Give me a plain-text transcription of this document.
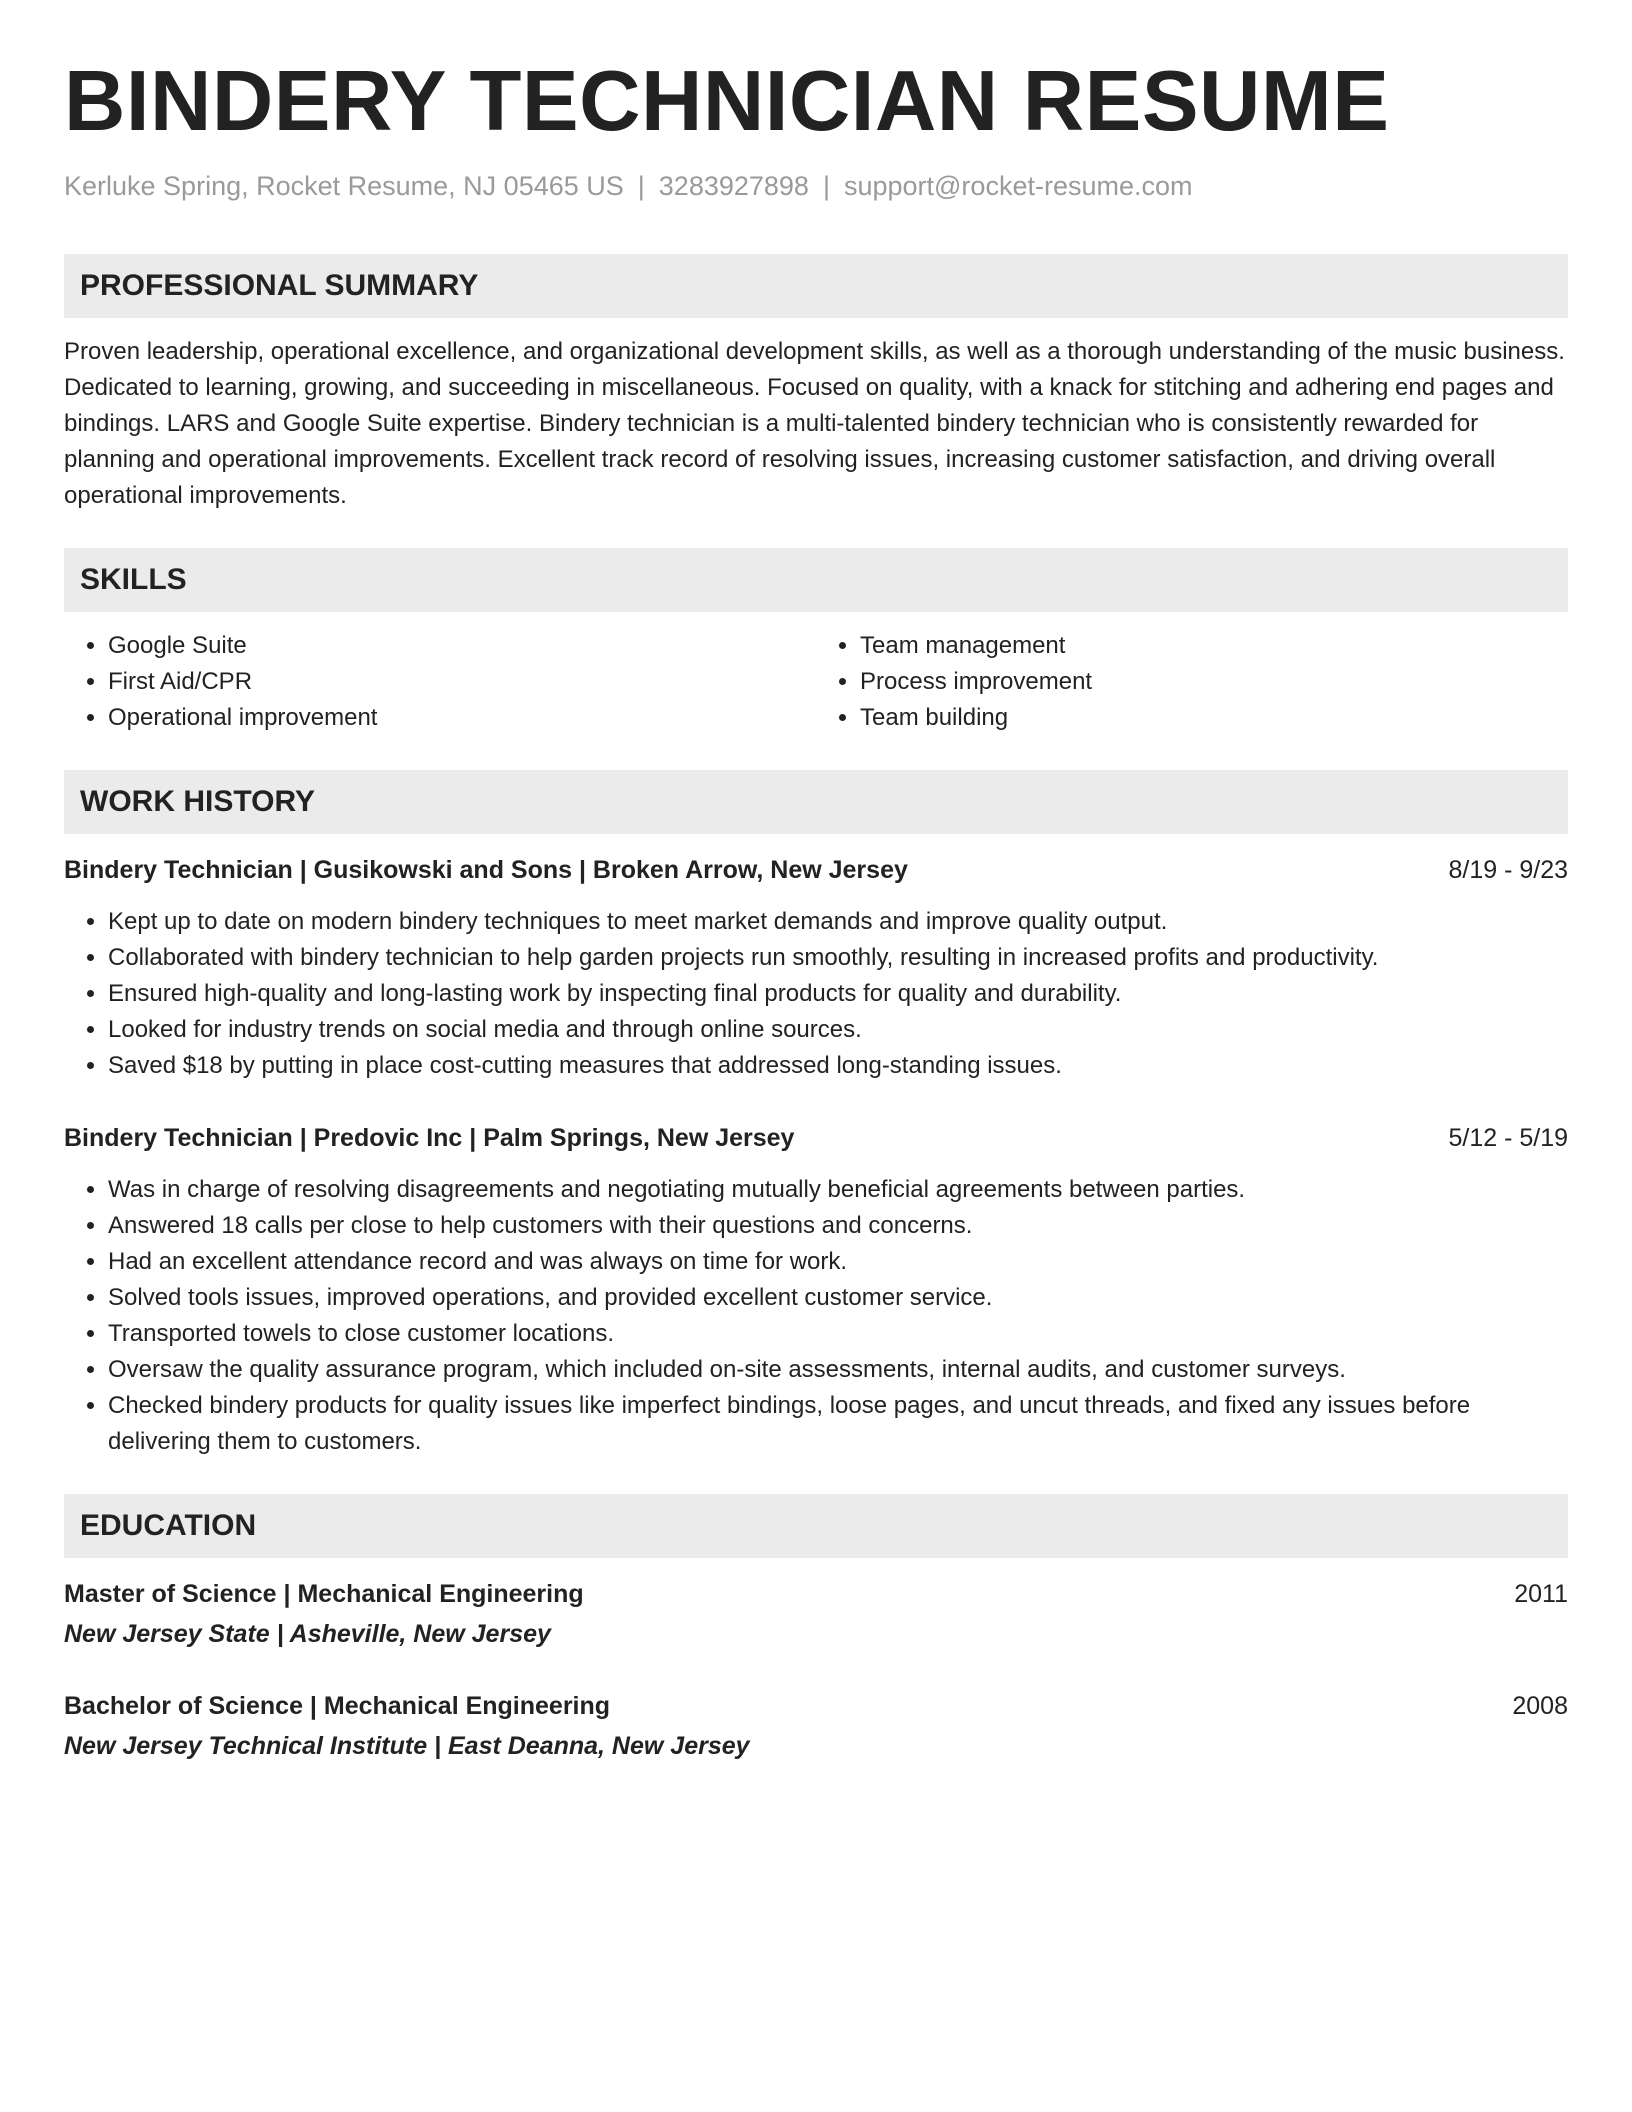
BINDERY TECHNICIAN RESUME
Kerluke Spring, Rocket Resume, NJ 05465 US | 3283927898 | support@rocket-resume.com
PROFESSIONAL SUMMARY

Proven leadership, operational excellence, and organizational development skills, as well as a thorough understanding of the music business. Dedicated to learning, growing, and succeeding in miscellaneous. Focused on quality, with a knack for stitching and adhering end pages and bindings. LARS and Google Suite expertise. Bindery technician is a multi-talented bindery technician who is consistently rewarded for planning and operational improvements. Excellent track record of resolving issues, increasing customer satisfaction, and driving overall operational improvements.

SKILLS
• Google Suite
• First Aid/CPR
• Operational improvement
• Team management
• Process improvement
• Team building
WORK HISTORY
Bindery Technician | Gusikowski and Sons | Broken Arrow, New Jersey	8/19 - 9/23
• Kept up to date on modern bindery techniques to meet market demands and improve quality output.
• Collaborated with bindery technician to help garden projects run smoothly, resulting in increased profits and productivity.
• Ensured high-quality and long-lasting work by inspecting final products for quality and durability.
• Looked for industry trends on social media and through online sources.
• Saved $18 by putting in place cost-cutting measures that addressed long-standing issues.
Bindery Technician | Predovic Inc | Palm Springs, New Jersey	5/12 - 5/19
• Was in charge of resolving disagreements and negotiating mutually beneficial agreements between parties.
• Answered 18 calls per close to help customers with their questions and concerns.
• Had an excellent attendance record and was always on time for work.
• Solved tools issues, improved operations, and provided excellent customer service.
• Transported towels to close customer locations.
• Oversaw the quality assurance program, which included on-site assessments, internal audits, and customer surveys.
• Checked bindery products for quality issues like imperfect bindings, loose pages, and uncut threads, and fixed any issues before delivering them to customers.
EDUCATION
Master of Science | Mechanical Engineering	2011
New Jersey State | Asheville, New Jersey
Bachelor of Science | Mechanical Engineering	2008
New Jersey Technical Institute | East Deanna, New Jersey
